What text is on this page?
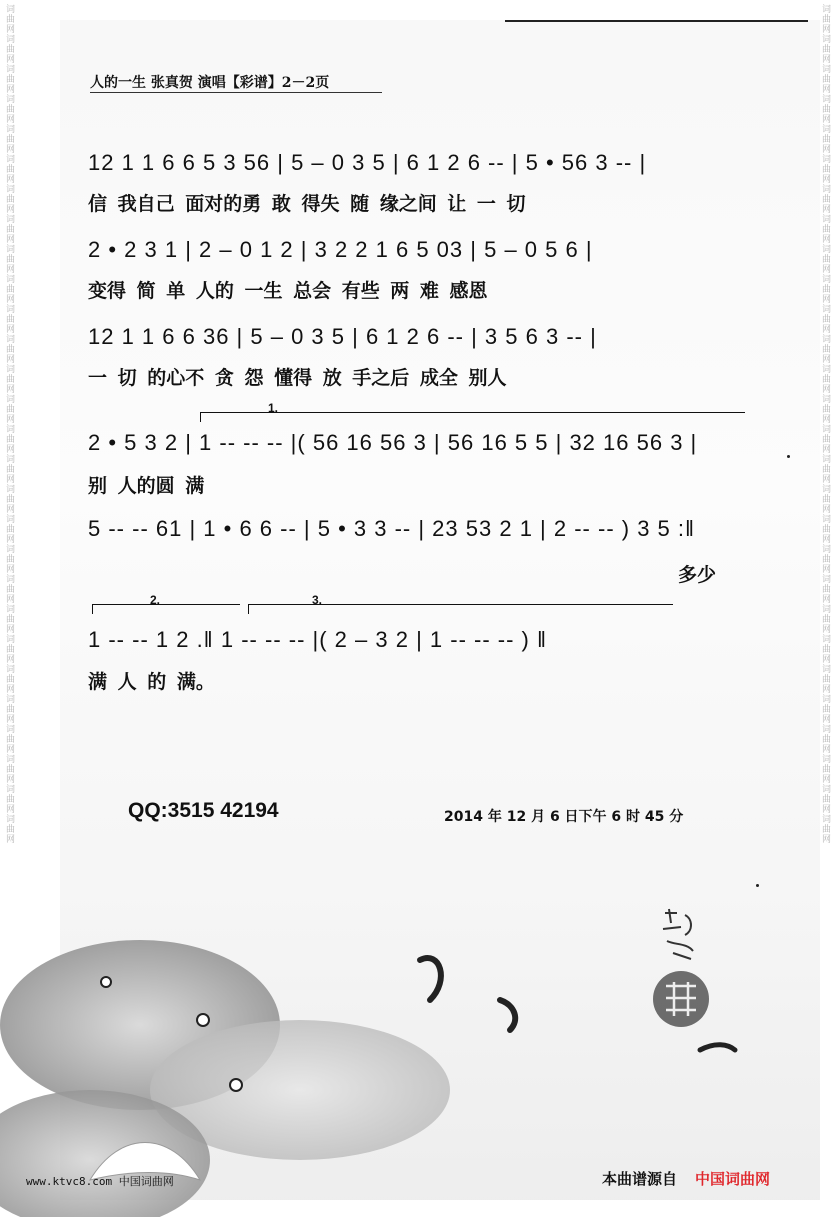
词曲网词曲网词曲网词曲网词曲网词曲网词曲网词曲网词曲网词曲网词曲网词曲网词曲网词曲网词曲网词曲网词曲网词曲网词曲网词曲网词曲网词曲网词曲网词曲网词曲网词曲网词曲网词曲网	词曲网词曲网词曲网词曲网词曲网词曲网词曲网词曲网词曲网词曲网词曲网词曲网词曲网词曲网词曲网词曲网词曲网词曲网词曲网词曲网词曲网词曲网词曲网词曲网词曲网词曲网词曲网词曲网
人的一生 张真贺 演唱【彩谱】2－2页
12 1 1 6 6 5 3 56 | 5 – 0 3 5 | 6 1 2 6 -- | 5 • 56 3 -- |
信 我自己 面对的勇 敢 得失 随 缘之间 让 一 切
2 • 2 3 1 | 2 – 0 1 2 | 3 2 2 1 6 5 03 | 5 – 0 5 6 |
变得 简 单 人的 一生 总会 有些 两 难 感恩
12 1 1 6 6 36 | 5 – 0 3 5 | 6 1 2 6 -- | 3 5 6 3 -- |
一 切 的心不 贪 怨 懂得 放 手之后 成全 别人
1.
2 • 5 3 2 | 1 -- -- -- |( 56 16 56 3 | 56 16 5 5 | 32 16 56 3 |
别 人的圆 满
5 -- -- 61 | 1 • 6 6 -- | 5 • 3 3 -- | 23 53 2 1 | 2 -- -- ) 3 5 :‖
多少
2.	3.
1 -- -- 1 2 .‖ 1 -- -- -- |( 2 – 3 2 | 1 -- -- -- ) ‖
满 人 的 满。
QQ:3515 42194	2014 年 12 月 6 日下午 6 时 45 分
www.ktvc8.com 中国词曲网	本曲谱源自 中国词曲网
